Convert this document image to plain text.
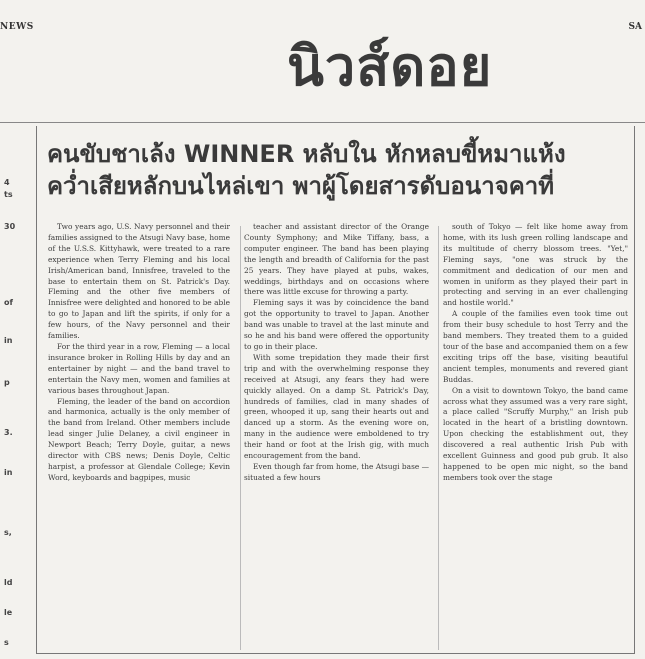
NEWS	SA
นิวส์ดอย
4
ts
30
of
in
p
3.
in
s,
ld
le
s
คนขับชาเล้ง WINNER หลับใน หักหลบขี้หมาแห้ง
คว่ำเสียหลักบนไหล่เขา พาผู้โดยสารดับอนาจคาที่

Two years ago, U.S. Navy personnel and their families assigned to the Atsugi Navy base, home of the U.S.S. Kittyhawk, were treated to a rare experience when Terry Fleming and his local Irish/American band, Innisfree, traveled to the base to entertain them on St. Patrick's Day. Fleming and the other five members of Innisfree were delighted and honored to be able to go to Japan and lift the spirits, if only for a few hours, of the Navy personnel and their families.

For the third year in a row, Fleming — a local insurance broker in Rolling Hills by day and an entertainer by night — and the band travel to entertain the Navy men, women and families at various bases throughout Japan.

Fleming, the leader of the band on accordion and harmonica, actually is the only member of the band from Ireland. Other members include lead singer Julie Delaney, a civil engineer in Newport Beach; Terry Doyle, guitar, a news director with CBS news; Denis Doyle, Celtic harpist, a professor at Glendale College; Kevin Word, keyboards and bagpipes, music

teacher and assistant director of the Orange County Symphony; and Mike Tiffany, bass, a computer engineer. The band has been playing the length and breadth of California for the past 25 years. They have played at pubs, wakes, weddings, birthdays and on occasions where there was little excuse for throwing a party.

Fleming says it was by coincidence the band got the opportunity to travel to Japan. Another band was unable to travel at the last minute and so he and his band were offered the opportunity to go in their place.

With some trepidation they made their first trip and with the overwhelming response they received at Atsugi, any fears they had were quickly allayed. On a damp St. Patrick's Day, hundreds of families, clad in many shades of green, whooped it up, sang their hearts out and danced up a storm. As the evening wore on, many in the audience were emboldened to try their hand or foot at the Irish gig, with much encouragement from the band.

Even though far from home, the Atsugi base — situated a few hours

south of Tokyo — felt like home away from home, with its lush green rolling landscape and its multitude of cherry blossom trees. "Yet," Fleming says, "one was struck by the commitment and dedication of our men and women in uniform as they played their part in protecting and serving in an ever challenging and hostile world."

A couple of the families even took time out from their busy schedule to host Terry and the band members. They treated them to a guided tour of the base and accompanied them on a few exciting trips off the base, visiting beautiful ancient temples, monuments and revered giant Buddas.

On a visit to downtown Tokyo, the band came across what they assumed was a very rare sight, a place called "Scruffy Murphy," an Irish pub located in the heart of a bristling downtown. Upon checking the establishment out, they discovered a real authentic Irish Pub with excellent Guinness and good pub grub. It also happened to be open mic night, so the band members took over the stage
